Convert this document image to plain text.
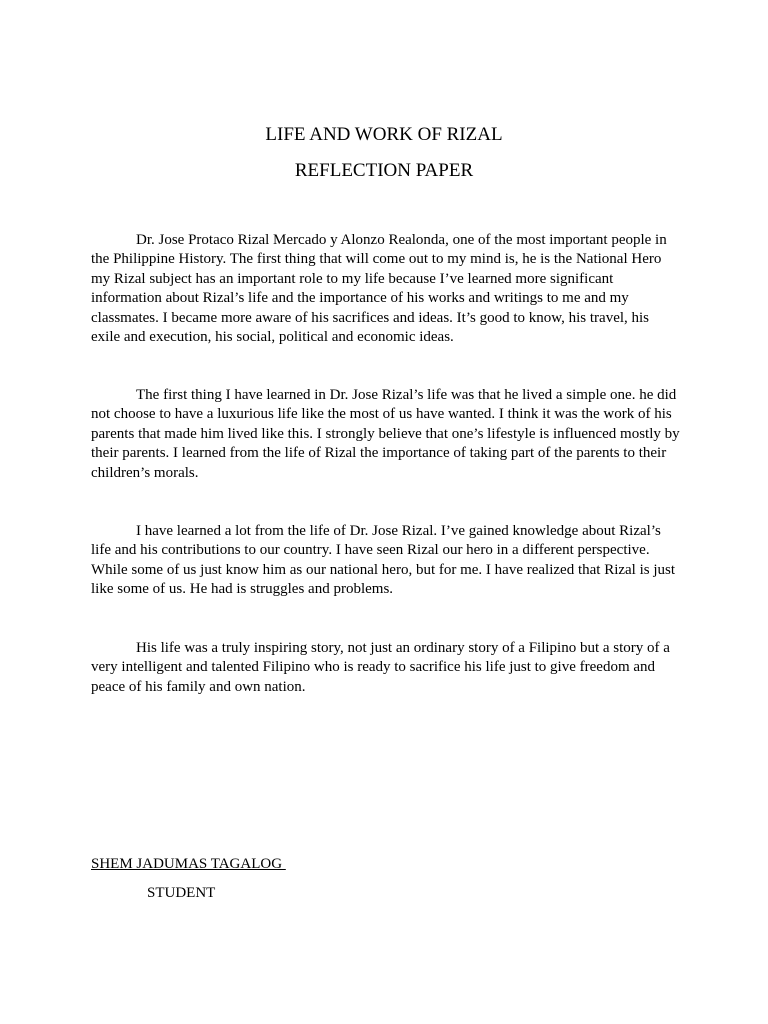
LIFE AND WORK OF RIZAL
REFLECTION PAPER

Dr. Jose Protaco Rizal Mercado y Alonzo Realonda, one of the most important people in the Philippine History. The first thing that will come out to my mind is, he is the National Hero my Rizal subject has an important role to my life because I’ve learned more significant information about Rizal’s life and the importance of his works and writings to me and my classmates. I became more aware of his sacrifices and ideas. It’s good to know, his travel, his exile and execution, his social, political and economic ideas.

The first thing I have learned in Dr. Jose Rizal’s life was that he lived a simple one. he did not choose to have a luxurious life like the most of us have wanted. I think it was the work of his parents that made him lived like this. I strongly believe that one’s lifestyle is influenced mostly by their parents. I learned from the life of Rizal the importance of taking part of the parents to their children’s morals.

I have learned a lot from the life of Dr. Jose Rizal. I’ve gained knowledge about Rizal’s life and his contributions to our country. I have seen Rizal our hero in a different perspective. While some of us just know him as our national hero, but for me. I have realized that Rizal is just like some of us. He had is struggles and problems.

His life was a truly inspiring story, not just an ordinary story of a Filipino but a story of a very intelligent and talented Filipino who is ready to sacrifice his life just to give freedom and peace of his family and own nation.

SHEM JADUMAS TAGALOG

STUDENT
